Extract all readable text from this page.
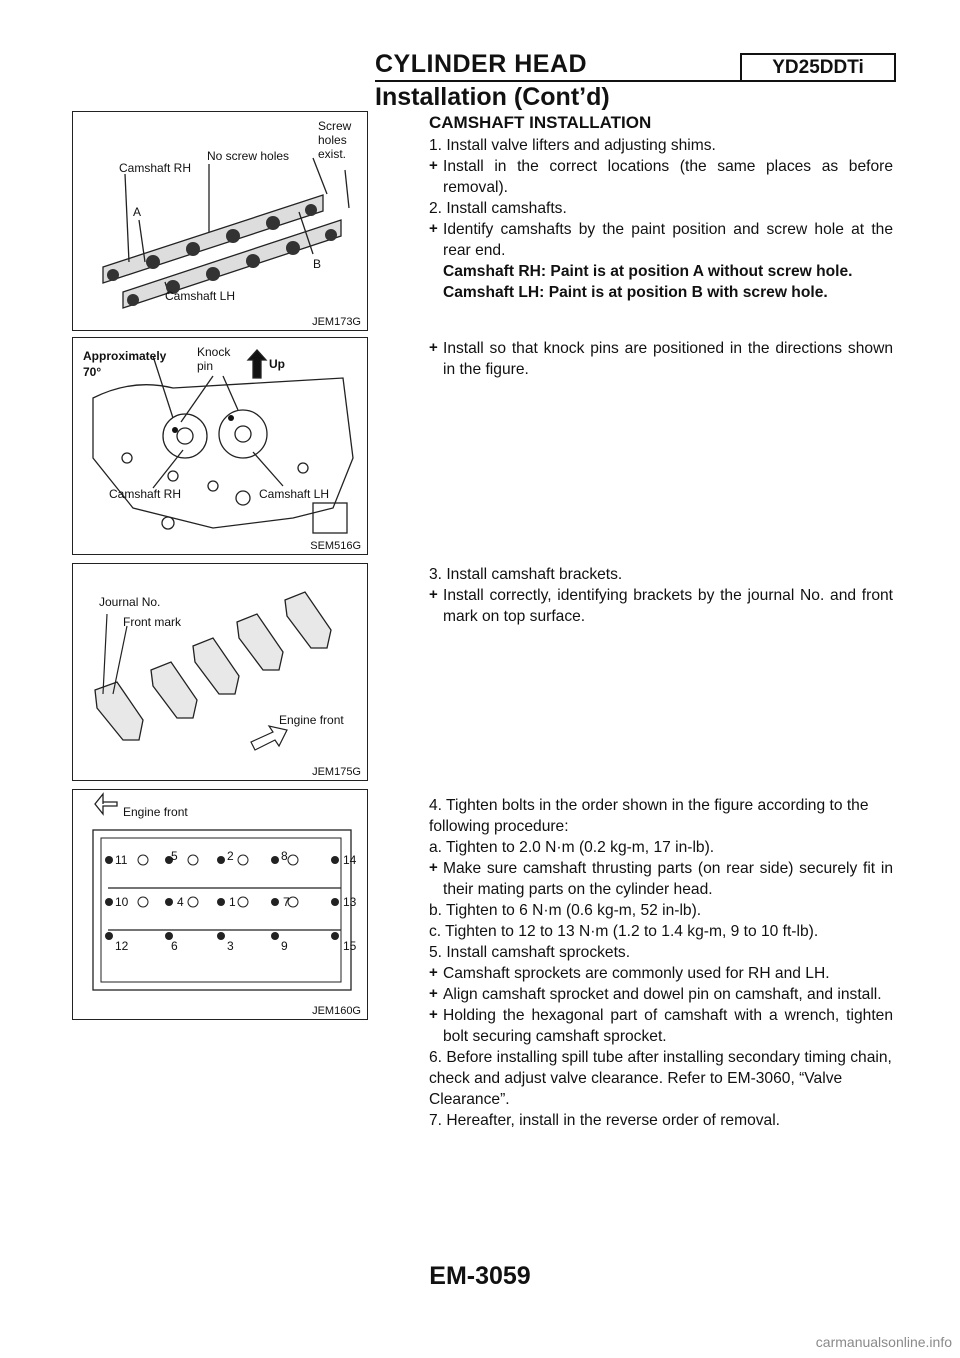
CYLINDER HEAD	YD25DDTi
Installation (Cont’d)
Camshaft RH
No screw holes
Screw
holes
exist.
A
B
Camshaft LH
JEM173G
Approximately
70°
Knock
pin	Up
Camshaft RH	Camshaft LH
SEM516G
Journal No.
Front mark
Engine front
JEM175G
Engine front
11	5	2	8	14
10	4	1	7	13
12	6	3	9	15
JEM160G

CAMSHAFT INSTALLATION

1. Install valve lifters and adjusting shims.

+ Install in the correct locations (the same places as before removal).

2. Install camshafts.

+ Identify camshafts by the paint position and screw hole at the rear end.

Camshaft RH: Paint is at position A without screw hole.

Camshaft LH: Paint is at position B with screw hole.

+ Install so that knock pins are positioned in the directions shown in the figure.

3. Install camshaft brackets.

+ Install correctly, identifying brackets by the journal No. and front mark on top surface.

4. Tighten bolts in the order shown in the figure according to the following procedure:

a. Tighten to 2.0 N·m (0.2 kg-m, 17 in-lb).

+ Make sure camshaft thrusting parts (on rear side) securely fit in their mating parts on the cylinder head.

b. Tighten to 6 N·m (0.6 kg-m, 52 in-lb).

c. Tighten to 12 to 13 N·m (1.2 to 1.4 kg-m, 9 to 10 ft-lb).

5. Install camshaft sprockets.

+ Camshaft sprockets are commonly used for RH and LH.

+ Align camshaft sprocket and dowel pin on camshaft, and install.

+ Holding the hexagonal part of camshaft with a wrench, tighten bolt securing camshaft sprocket.

6. Before installing spill tube after installing secondary timing chain, check and adjust valve clearance. Refer to EM-3060, “Valve Clearance”.

7. Hereafter, install in the reverse order of removal.

EM-3059
carmanualsonline.info
